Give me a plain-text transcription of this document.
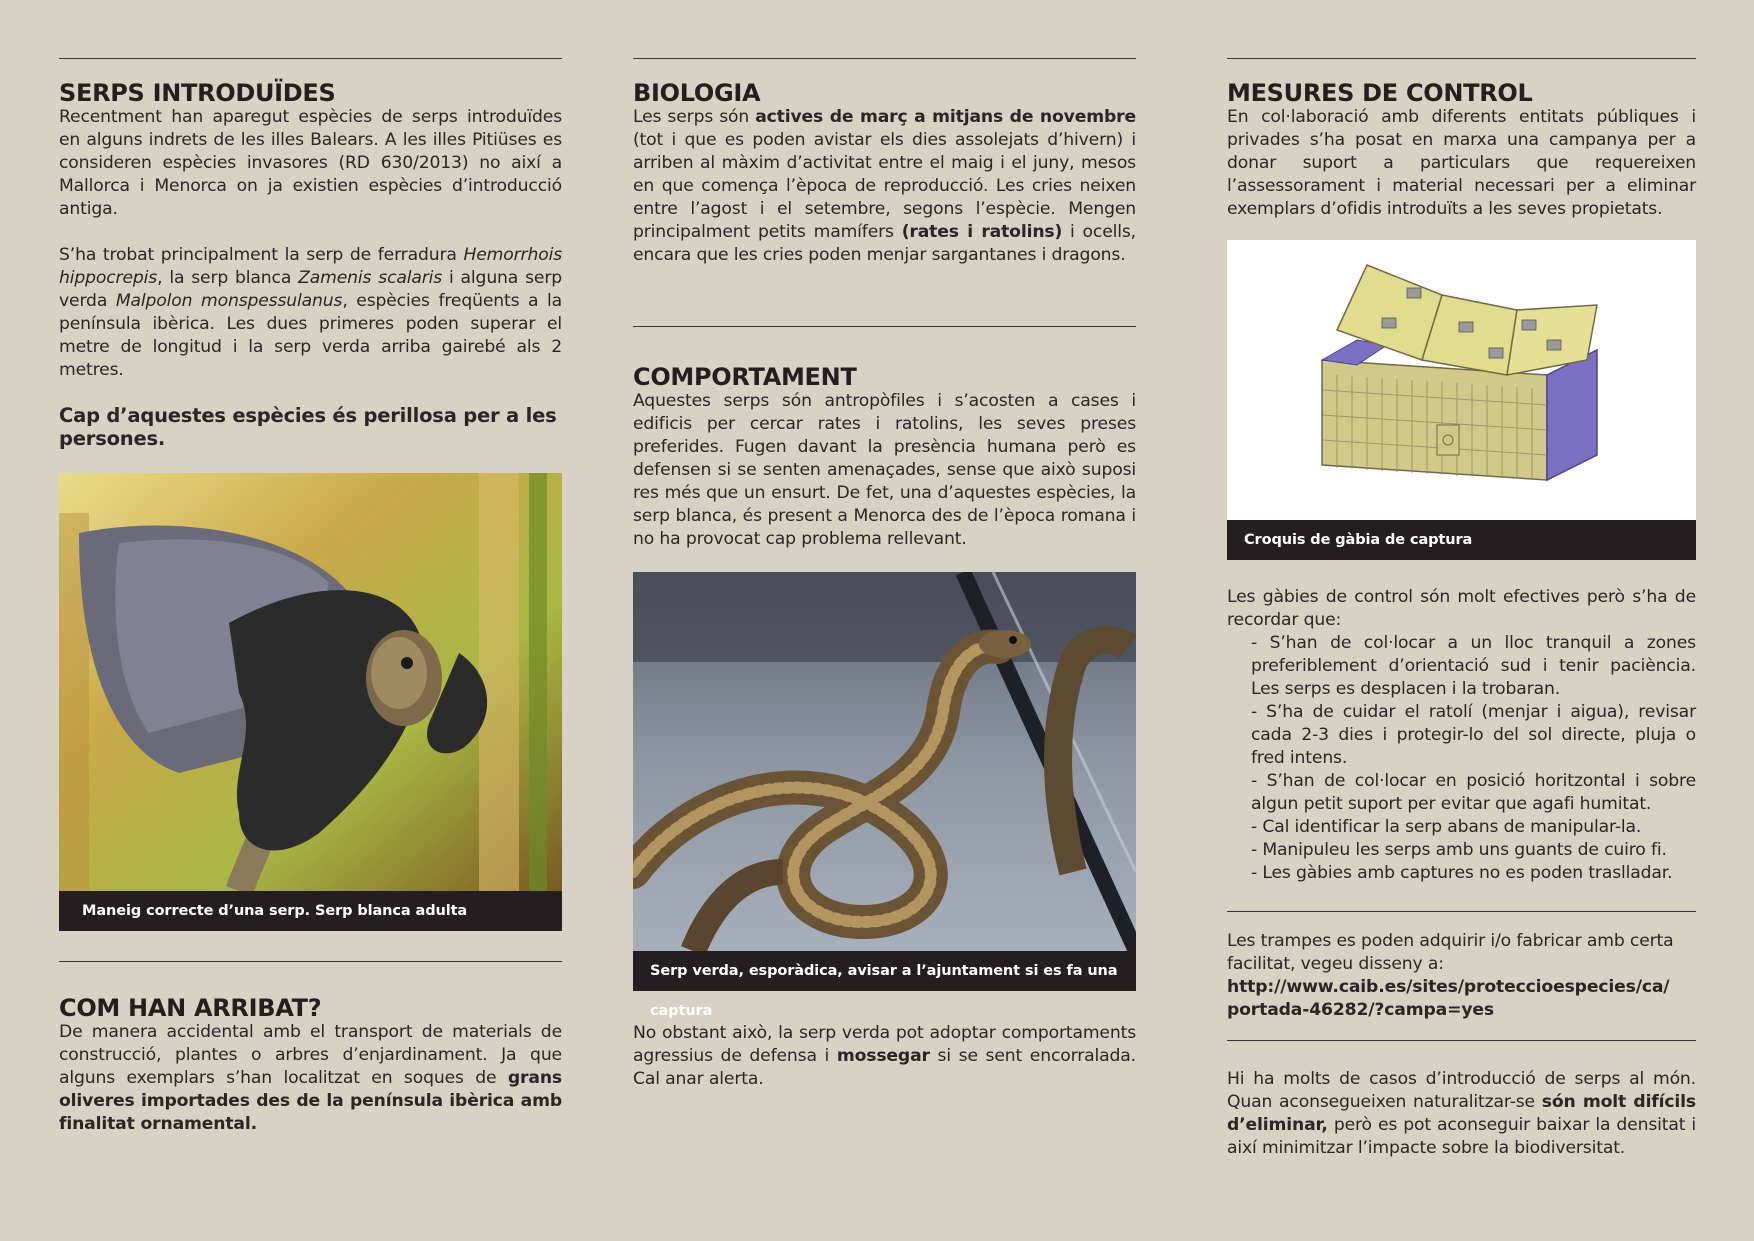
SERPS INTRODUÏDES

Recentment han aparegut espècies de serps introduïdes en alguns indrets de les illes Balears. A les illes Pitiüses es consideren espècies invasores (RD 630/2013) no així a Mallorca i Menorca on ja existien espècies d’introducció antiga.

S’ha trobat principalment la serp de ferradura Hemorrhois hippocrepis, la serp blanca Zamenis scalaris i alguna serp verda Malpolon monspessulanus, espècies freqüents a la península ibèrica. Les dues primeres poden superar el metre de longitud i la serp verda arriba gairebé als 2 metres.

Cap d’aquestes espècies és perillosa per a les persones.

Maneig correcte d’una serp. Serp blanca adulta
COM HAN ARRIBAT?

De manera accidental amb el transport de materials de construcció, plantes o arbres d’enjardinament. Ja que alguns exemplars s’han localitzat en soques de grans oliveres importades des de la península ibèrica amb finalitat ornamental.

BIOLOGIA

Les serps són actives de març a mitjans de novembre (tot i que es poden avistar els dies assolejats d’hivern) i arriben al màxim d’activitat entre el maig i el juny, mesos en que comença l’època de reproducció. Les cries neixen entre l’agost i el setembre, segons l’espècie. Mengen principalment petits mamífers (rates i ratolins) i ocells, encara que les cries poden menjar sargantanes i dragons.

COMPORTAMENT

Aquestes serps són antropòfiles i s’acosten a cases i edificis per cercar rates i ratolins, les seves preses preferides. Fugen davant la presència humana però es defensen si se senten amenaçades, sense que això suposi res més que un ensurt. De fet, una d’aquestes espècies, la serp blanca, és present a Menorca des de l’època romana i no ha provocat cap problema rellevant.

Serp verda, esporàdica, avisar a l’ajuntament si es fa una captura

No obstant això, la serp verda pot adoptar comportaments agressius de defensa i mossegar si se sent encorralada. Cal anar alerta.

MESURES DE CONTROL

En col·laboració amb diferents entitats públiques i privades s’ha posat en marxa una campanya per a donar suport a particulars que requereixen l’assessorament i material necessari per a eliminar exemplars d’ofidis introduïts a les seves propietats.

Croquis de gàbia de captura

Les gàbies de control són molt efectives però s’ha de recordar que:

- S’han de col·locar a un lloc tranquil a zones preferiblement d’orientació sud i tenir paciència. Les serps es desplacen i la trobaran.
- S’ha de cuidar el ratolí (menjar i aigua), revisar cada 2-3 dies i protegir-lo del sol directe, pluja o fred intens.
- S’han de col·locar en posició horitzontal i sobre algun petit suport per evitar que agafi humitat.
- Cal identificar la serp abans de manipular-la.
- Manipuleu les serps amb uns guants de cuiro fi.
- Les gàbies amb captures no es poden traslladar.

Les trampes es poden adquirir i/o fabricar amb certa facilitat, vegeu disseny a:

http://www.caib.es/sites/proteccioespecies/ca/
portada-46282/?campa=yes

Hi ha molts de casos d’introducció de serps al món. Quan aconsegueixen naturalitzar-se són molt difícils d’eliminar, però es pot aconseguir baixar la densitat i així minimitzar l’impacte sobre la biodiversitat.
